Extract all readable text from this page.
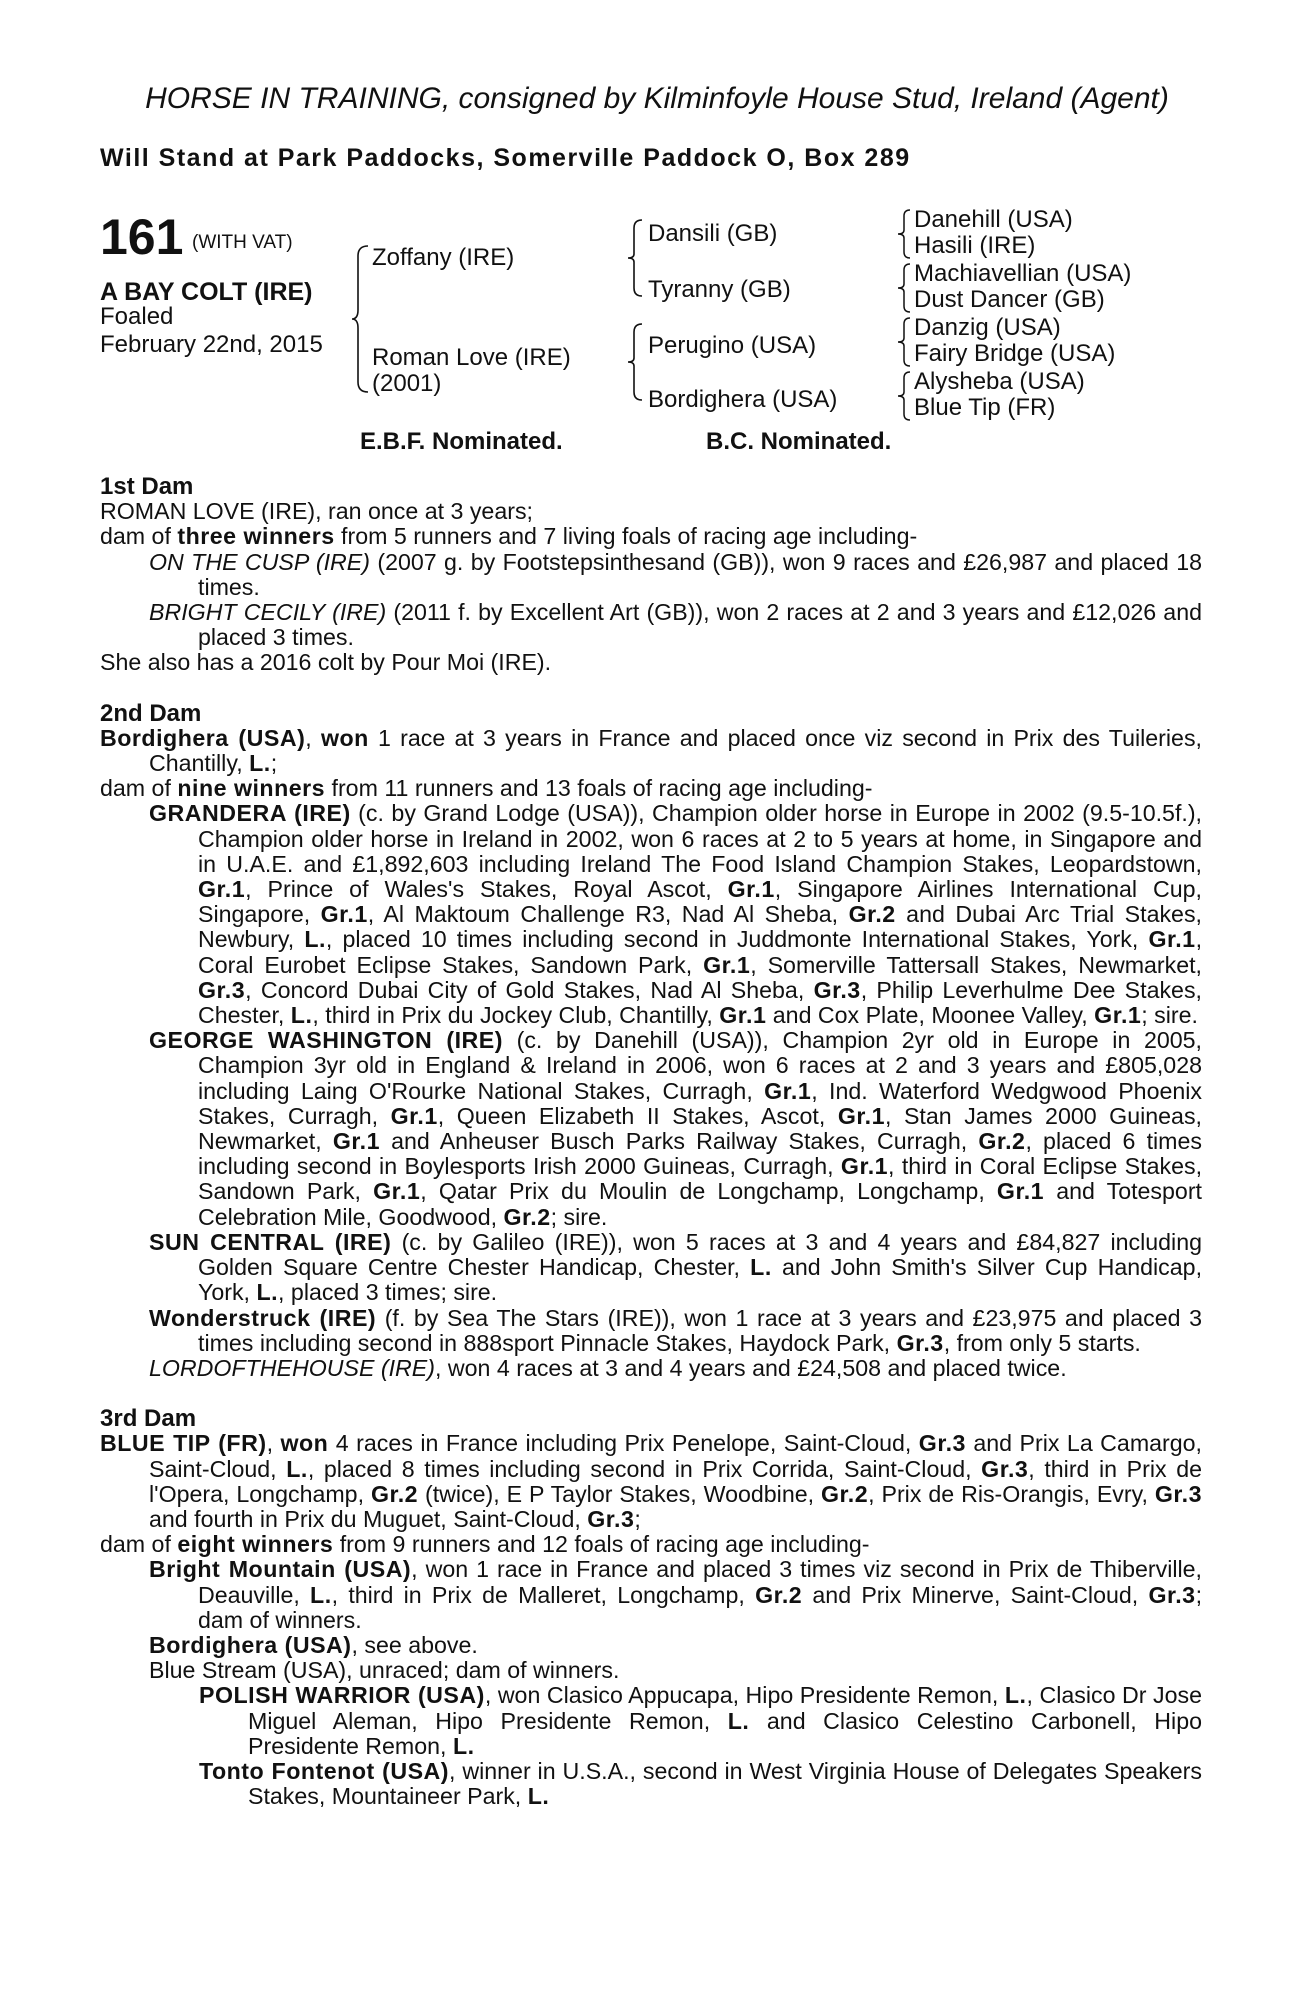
HORSE IN TRAINING, consigned by Kilminfoyle House Stud, Ireland (Agent)
Will Stand at Park Paddocks, Somerville Paddock O, Box 289
161 (WITH VAT)
A BAY COLT (IRE)
Foaled
February 22nd, 2015
Zoffany (IRE)
Roman Love (IRE)
(2001)
Dansili (GB)
Tyranny (GB)
Perugino (USA)
Bordighera (USA)
Danehill (USA)
Hasili (IRE)
Machiavellian (USA)
Dust Dancer (GB)
Danzig (USA)
Fairy Bridge (USA)
Alysheba (USA)
Blue Tip (FR)
E.B.F. Nominated.	B.C. Nominated.

1st Dam

ROMAN LOVE (IRE), ran once at 3 years;

dam of three winners from 5 runners and 7 living foals of racing age including-

ON THE CUSP (IRE) (2007 g. by Footstepsinthesand (GB)), won 9 races and £26,987 and placed 18 times.

BRIGHT CECILY (IRE) (2011 f. by Excellent Art (GB)), won 2 races at 2 and 3 years and £12,026 and placed 3 times.

She also has a 2016 colt by Pour Moi (IRE).

2nd Dam

Bordighera (USA), won 1 race at 3 years in France and placed once viz second in Prix des Tuileries, Chantilly, L.;

dam of nine winners from 11 runners and 13 foals of racing age including-

GRANDERA (IRE) (c. by Grand Lodge (USA)), Champion older horse in Europe in 2002 (9.5-10.5f.), Champion older horse in Ireland in 2002, won 6 races at 2 to 5 years at home, in Singapore and in U.A.E. and £1,892,603 including Ireland The Food Island Champion Stakes, Leopardstown, Gr.1, Prince of Wales's Stakes, Royal Ascot, Gr.1, Singapore Airlines International Cup, Singapore, Gr.1, Al Maktoum Challenge R3, Nad Al Sheba, Gr.2 and Dubai Arc Trial Stakes, Newbury, L., placed 10 times including second in Juddmonte International Stakes, York, Gr.1, Coral Eurobet Eclipse Stakes, Sandown Park, Gr.1, Somerville Tattersall Stakes, Newmarket, Gr.3, Concord Dubai City of Gold Stakes, Nad Al Sheba, Gr.3, Philip Leverhulme Dee Stakes, Chester, L., third in Prix du Jockey Club, Chantilly, Gr.1 and Cox Plate, Moonee Valley, Gr.1; sire.

GEORGE WASHINGTON (IRE) (c. by Danehill (USA)), Champion 2yr old in Europe in 2005, Champion 3yr old in England & Ireland in 2006, won 6 races at 2 and 3 years and £805,028 including Laing O'Rourke National Stakes, Curragh, Gr.1, Ind. Waterford Wedgwood Phoenix Stakes, Curragh, Gr.1, Queen Elizabeth II Stakes, Ascot, Gr.1, Stan James 2000 Guineas, Newmarket, Gr.1 and Anheuser Busch Parks Railway Stakes, Curragh, Gr.2, placed 6 times including second in Boylesports Irish 2000 Guineas, Curragh, Gr.1, third in Coral Eclipse Stakes, Sandown Park, Gr.1, Qatar Prix du Moulin de Longchamp, Longchamp, Gr.1 and Totesport Celebration Mile, Goodwood, Gr.2; sire.

SUN CENTRAL (IRE) (c. by Galileo (IRE)), won 5 races at 3 and 4 years and £84,827 including Golden Square Centre Chester Handicap, Chester, L. and John Smith's Silver Cup Handicap, York, L., placed 3 times; sire.

Wonderstruck (IRE) (f. by Sea The Stars (IRE)), won 1 race at 3 years and £23,975 and placed 3 times including second in 888sport Pinnacle Stakes, Haydock Park, Gr.3, from only 5 starts.

LORDOFTHEHOUSE (IRE), won 4 races at 3 and 4 years and £24,508 and placed twice.

3rd Dam

BLUE TIP (FR), won 4 races in France including Prix Penelope, Saint-Cloud, Gr.3 and Prix La Camargo, Saint-Cloud, L., placed 8 times including second in Prix Corrida, Saint-Cloud, Gr.3, third in Prix de l'Opera, Longchamp, Gr.2 (twice), E P Taylor Stakes, Woodbine, Gr.2, Prix de Ris-Orangis, Evry, Gr.3 and fourth in Prix du Muguet, Saint-Cloud, Gr.3;

dam of eight winners from 9 runners and 12 foals of racing age including-

Bright Mountain (USA), won 1 race in France and placed 3 times viz second in Prix de Thiberville, Deauville, L., third in Prix de Malleret, Longchamp, Gr.2 and Prix Minerve, Saint-Cloud, Gr.3; dam of winners.

Bordighera (USA), see above.

Blue Stream (USA), unraced; dam of winners.

POLISH WARRIOR (USA), won Clasico Appucapa, Hipo Presidente Remon, L., Clasico Dr Jose Miguel Aleman, Hipo Presidente Remon, L. and Clasico Celestino Carbonell, Hipo Presidente Remon, L.

Tonto Fontenot (USA), winner in U.S.A., second in West Virginia House of Delegates Speakers Stakes, Mountaineer Park, L.
